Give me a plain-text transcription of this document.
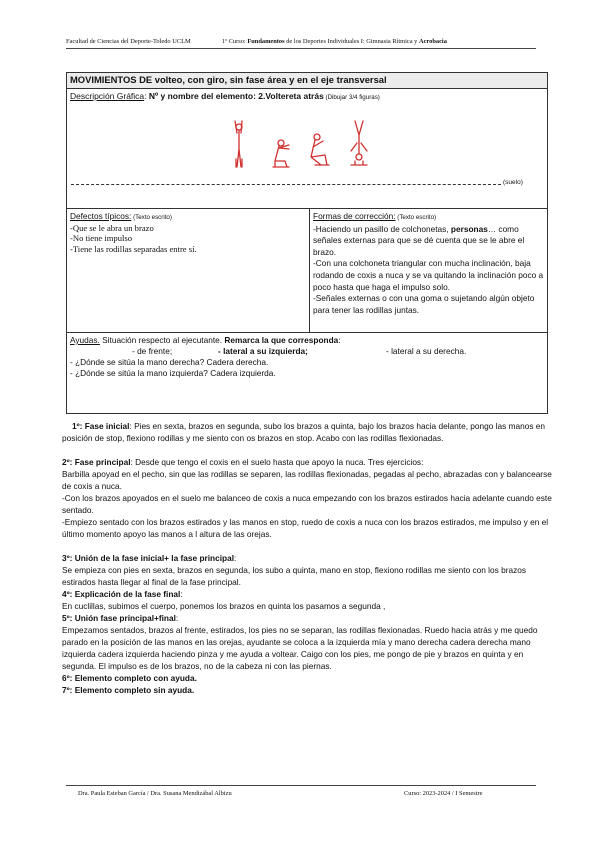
Facultad de Ciencias del Deporte-Toledo UCLM	1º Curso: Fundamentos de los Deportes Individuales I: Gimnasia Rítmica y Acrobacia
MOVIMIENTOS DE volteo, con giro, sin fase área y en el eje transversal
Descripción Gráfica: Nº y nombre del elemento: 2.Voltereta atrás (Dibujar 3/4 figuras)
(suelo)
Defectos típicos: (Texto escrito)
-Que se le abra un brazo
-No tiene impulso
-Tiene las rodillas separadas entre sí.
Formas de corrección: (Texto escrito)
-Haciendo un pasillo de colchonetas, personas… como señales externas para que se dé cuenta que se le abre el brazo.
-Con una colchoneta triangular con mucha inclinación, baja rodando de coxis a nuca y se va quitando la inclinación poco a poco hasta que haga el impulso solo.
-Señales externas o con una goma o sujetando algún objeto para tener las rodillas juntas.
Ayudas. Situación respecto al ejecutante. Remarca la que corresponda:
- de frente;	- lateral a su izquierda;	- lateral a su derecha.
- ¿Dónde se sitúa la mano derecha? Cadera derecha.
- ¿Dónde se sitúa la mano izquierda? Cadera izquierda.

1º: Fase inicial: Pies en sexta, brazos en segunda, subo los brazos a quinta, bajo los brazos hacia delante, pongo las manos en posición de stop, flexiono rodillas y me siento con os brazos en stop. Acabo con las rodillas flexionadas.

2º: Fase principal: Desde que tengo el coxis en el suelo hasta que apoyo la nuca. Tres ejercicios:

Barbilla apoyad en el pecho, sin que las rodillas se separen, las rodillas flexionadas, pegadas al pecho, abrazadas con y balancearse de coxis a nuca.

-Con los brazos apoyados en el suelo me balanceo de coxis a nuca empezando con los brazos estirados hacia adelante cuando este sentado.

-Empiezo sentado con los brazos estirados y las manos en stop, ruedo de coxis a nuca con los brazos estirados, me impulso y en el último momento apoyo las manos a l altura de las orejas.

3º: Unión de la fase inicial+ la fase principal:

Se empieza con pies en sexta, brazos en segunda, los subo a quinta, mano en stop, flexiono rodillas me siento con los brazos estirados hasta llegar al final de la fase principal.

4º: Explicación de la fase final:

En cuclillas, subimos el cuerpo, ponemos los brazos en quinta los pasamos a segunda ,

5º: Unión fase principal+final:

Empezamos sentados, brazos al frente, estirados, los pies no se separan, las rodillas flexionadas. Ruedo hacia atrás y me quedo parado en la posición de las manos en las orejas, ayudante se coloca a la izquierda mía y mano derecha cadera derecha mano izquierda cadera izquierda haciendo pinza y me ayuda a voltear. Caigo con los pies, me pongo de pie y brazos en quinta y en segunda. El impulso es de los brazos, no de la cabeza ni con las piernas.

6º: Elemento completo con ayuda.

7º: Elemento completo sin ayuda.

Dra. Paula Esteban García / Dra. Susana Mendizábal Albizu	Curso: 2023-2024 / I Semestre
